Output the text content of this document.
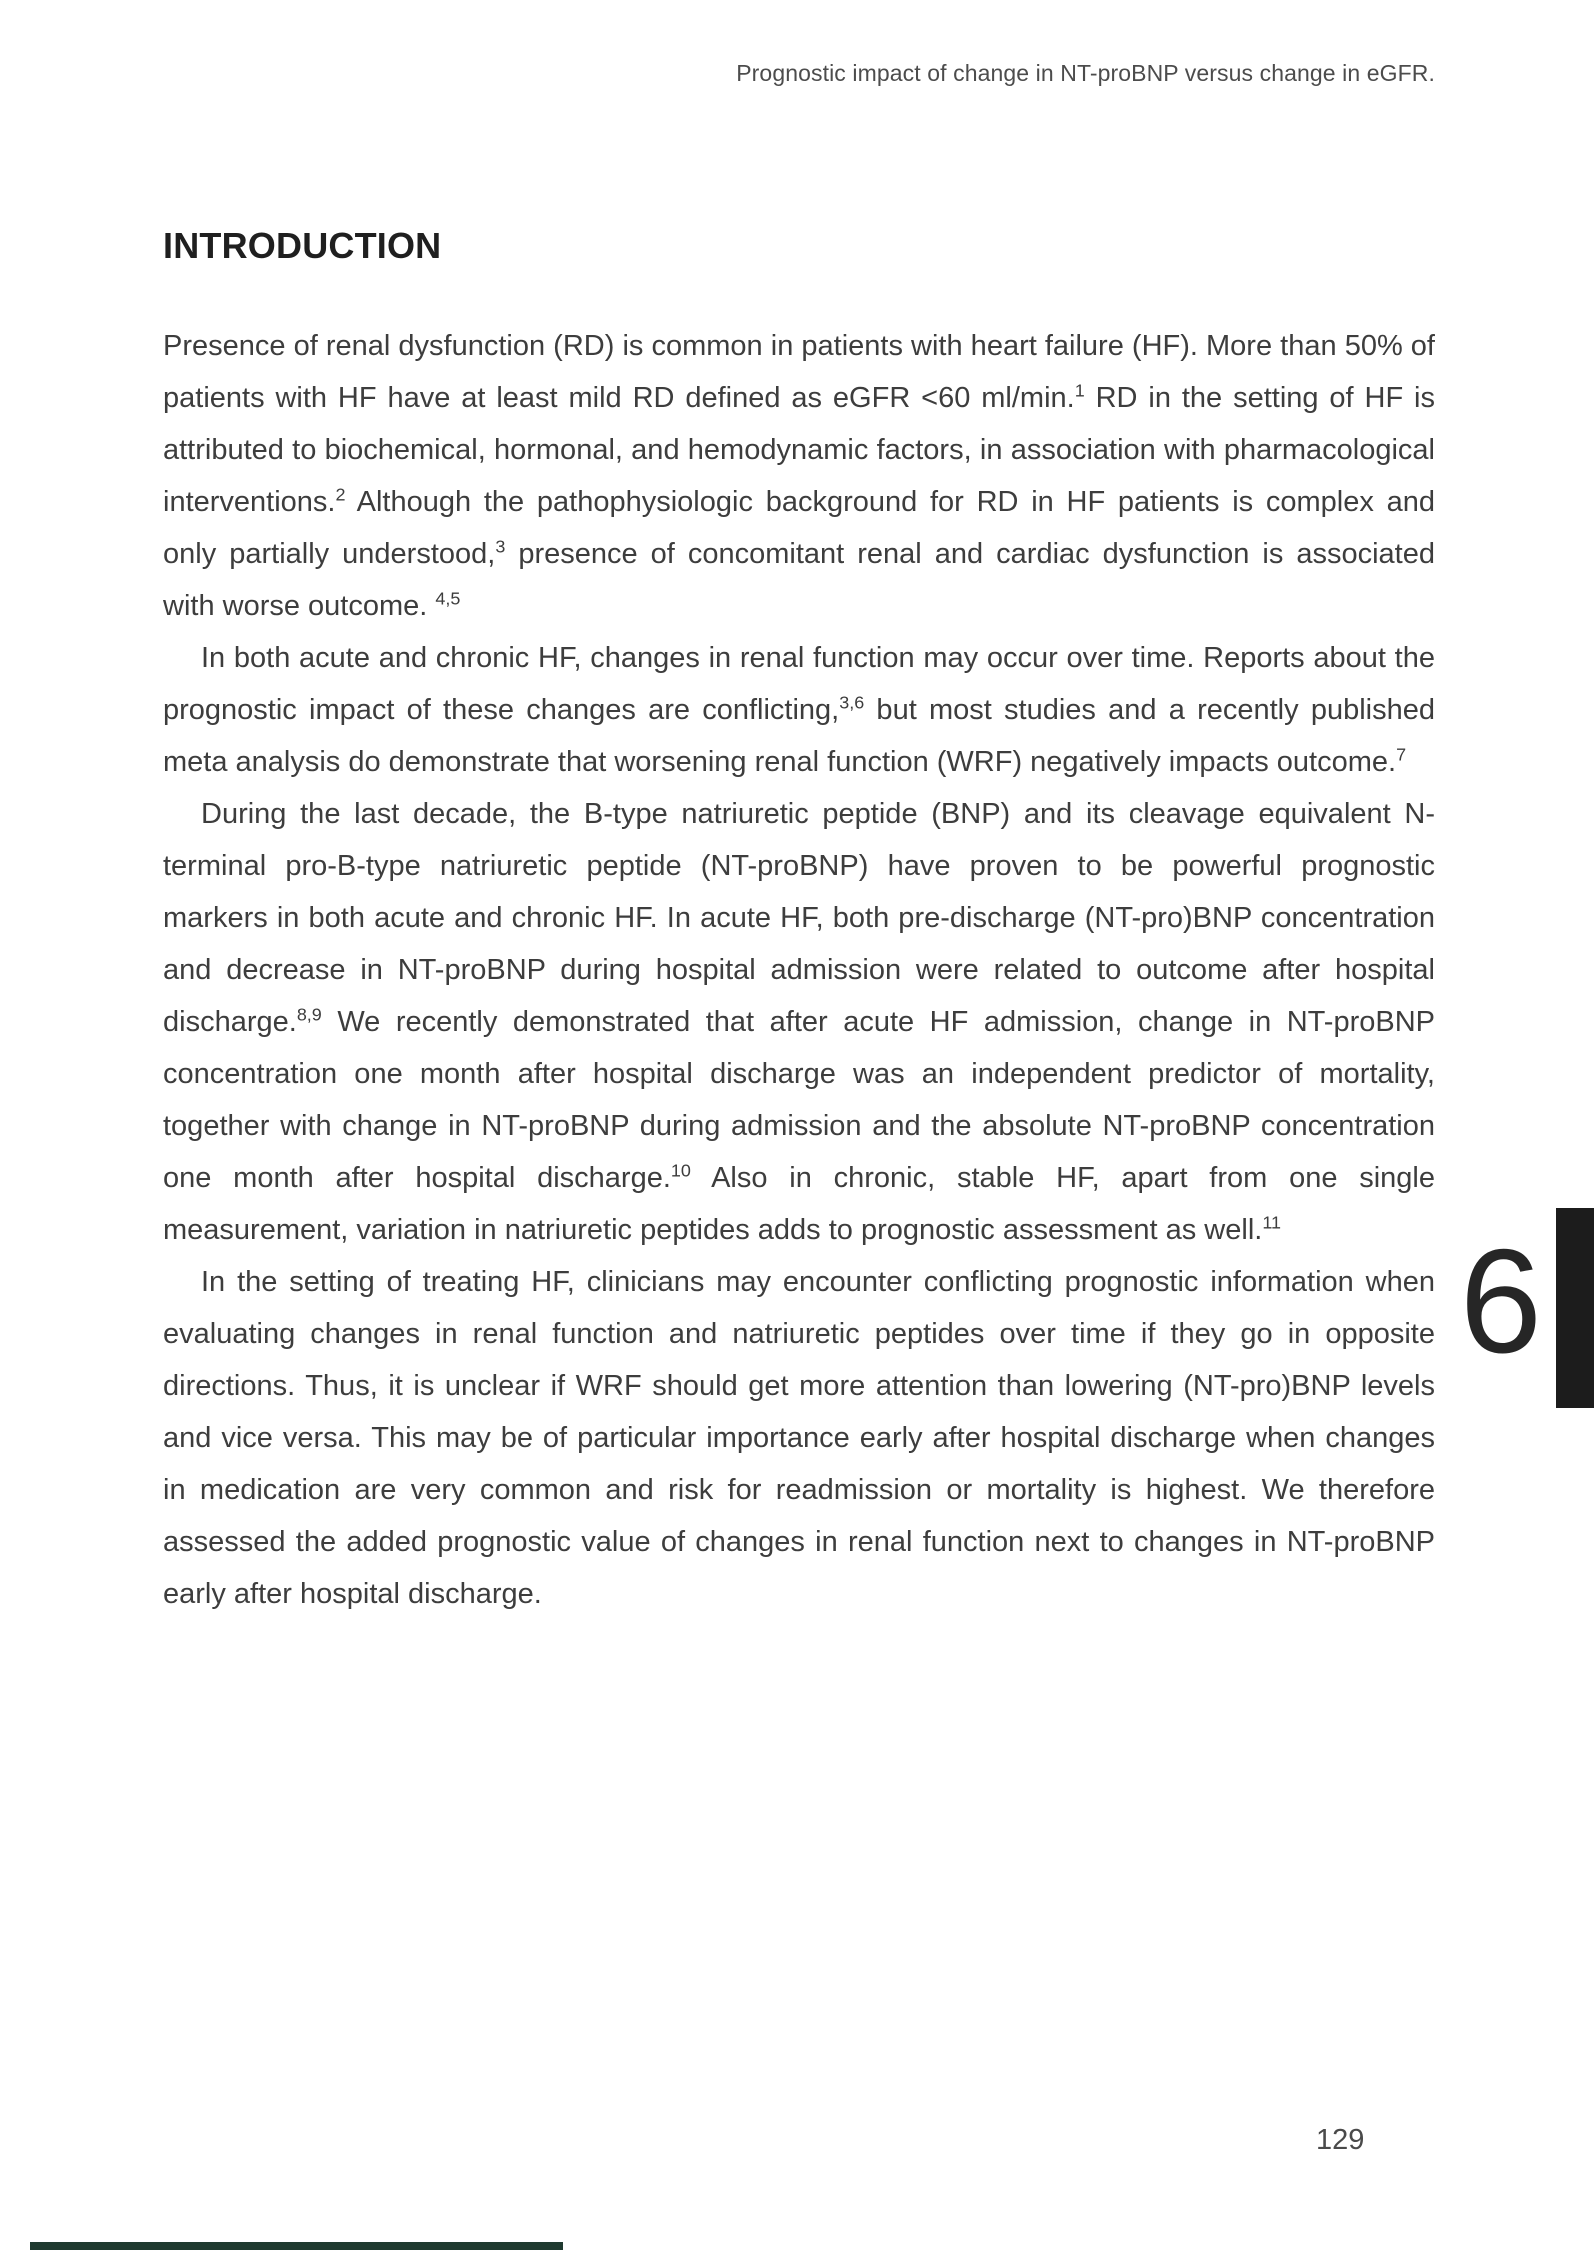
Prognostic impact of change in NT-proBNP versus change in eGFR.
INTRODUCTION

Presence of renal dysfunction (RD) is common in patients with heart failure (HF). More than 50% of patients with HF have at least mild RD defined as eGFR <60 ml/min.$^1$ RD in the setting of HF is attributed to biochemical, hormonal, and hemodynamic factors, in association with pharmacological interventions.$^2$ Although the pathophysiologic background for RD in HF patients is complex and only partially understood,$^3$ presence of concomitant renal and cardiac dysfunction is associated with worse outcome. $^{4,5}$

In both acute and chronic HF, changes in renal function may occur over time. Reports about the prognostic impact of these changes are conflicting,$^{3,6}$ but most studies and a recently published meta analysis do demonstrate that worsening renal function (WRF) negatively impacts outcome.$^7$

During the last decade, the B-type natriuretic peptide (BNP) and its cleavage equivalent N-terminal pro-B-type natriuretic peptide (NT-proBNP) have proven to be powerful prognostic markers in both acute and chronic HF. In acute HF, both pre-discharge (NT-pro)BNP concentration and decrease in NT-proBNP during hospital admission were related to outcome after hospital discharge.$^{8,9}$ We recently demonstrated that after acute HF admission, change in NT-proBNP concentration one month after hospital discharge was an independent predictor of mortality, together with change in NT-proBNP during admission and the absolute NT-proBNP concentration one month after hospital discharge.$^{10}$ Also in chronic, stable HF, apart from one single measurement, variation in natriuretic peptides adds to prognostic assessment as well.$^{11}$

In the setting of treating HF, clinicians may encounter conflicting prognostic information when evaluating changes in renal function and natriuretic peptides over time if they go in opposite directions. Thus, it is unclear if WRF should get more attention than lowering (NT-pro)BNP levels and vice versa. This may be of particular importance early after hospital discharge when changes in medication are very common and risk for readmission or mortality is highest. We therefore assessed the added prognostic value of changes in renal function next to changes in NT-proBNP early after hospital discharge.

6
129
